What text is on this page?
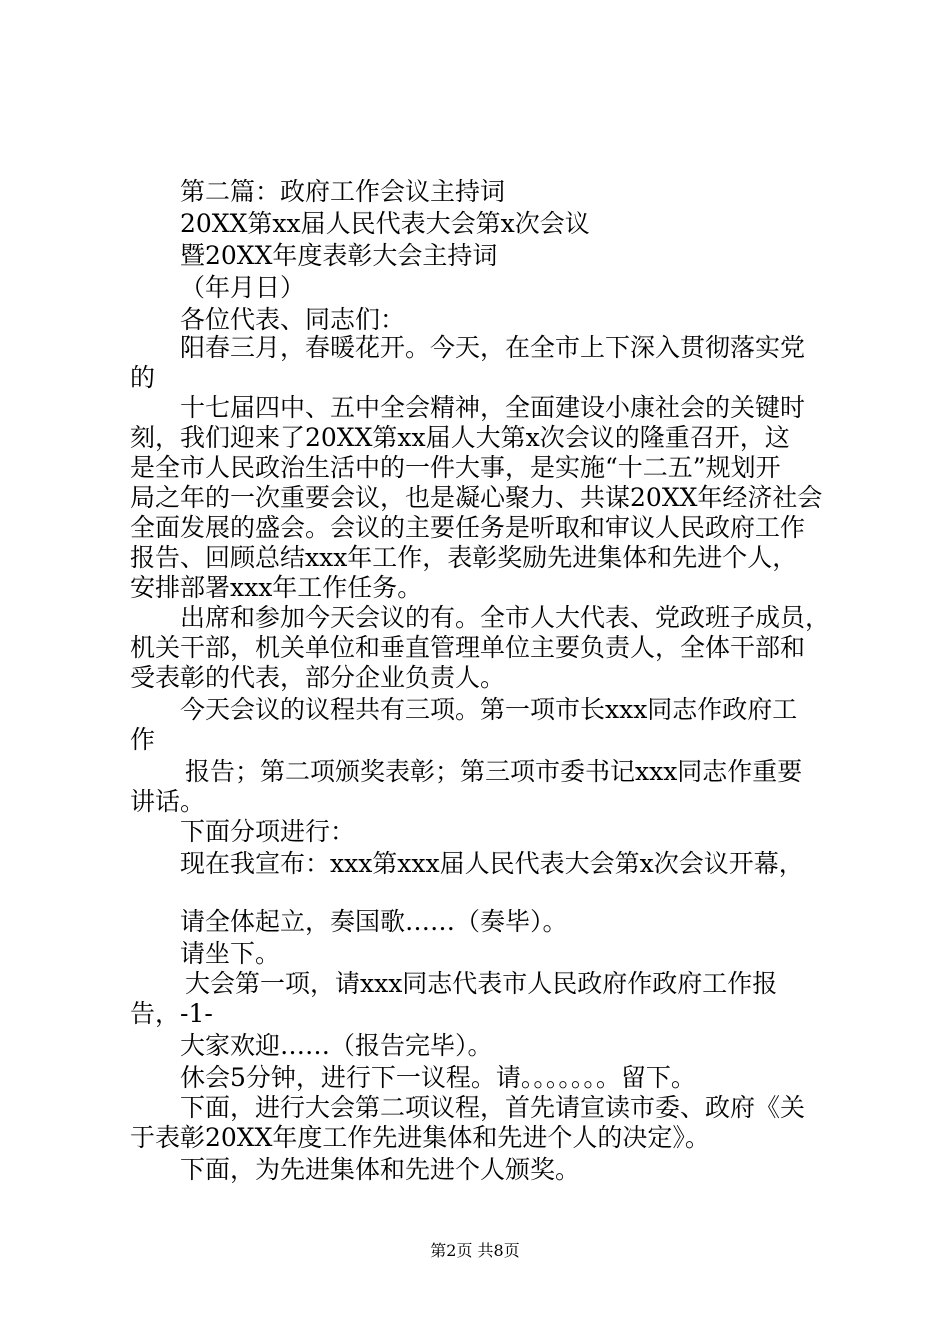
第二篇：政府工作会议主持词
20XX第xx届人民代表大会第x次会议
暨20XX年度表彰大会主持词
（年月日）
各位代表、同志们：
阳春三月，春暖花开。今天，在全市上下深入贯彻落实党
的
十七届四中、五中全会精神，全面建设小康社会的关键时
刻，我们迎来了20XX第xx届人大第x次会议的隆重召开，这
是全市人民政治生活中的一件大事，是实施“十二五”规划开
局之年的一次重要会议，也是凝心聚力、共谋20XX年经济社会
全面发展的盛会。会议的主要任务是听取和审议人民政府工作
报告、回顾总结xxx年工作，表彰奖励先进集体和先进个人，
安排部署xxx年工作任务。
出席和参加今天会议的有。全市人大代表、党政班子成员，
机关干部，机关单位和垂直管理单位主要负责人，全体干部和
受表彰的代表，部分企业负责人。
今天会议的议程共有三项。第一项市长xxx同志作政府工
作
报告；第二项颁奖表彰；第三项市委书记xxx同志作重要
讲话。
下面分项进行：
现在我宣布：xxx第xxx届人民代表大会第x次会议开幕，
请全体起立，奏国歌……（奏毕）。
请坐下。
大会第一项，请xxx同志代表市人民政府作政府工作报
告，-1-
大家欢迎……（报告完毕）。
休会5分钟，进行下一议程。请。。。。。。。留下。
下面，进行大会第二项议程，首先请宣读市委、政府《关
于表彰20XX年度工作先进集体和先进个人的决定》。
下面，为先进集体和先进个人颁奖。
第2页 共8页
